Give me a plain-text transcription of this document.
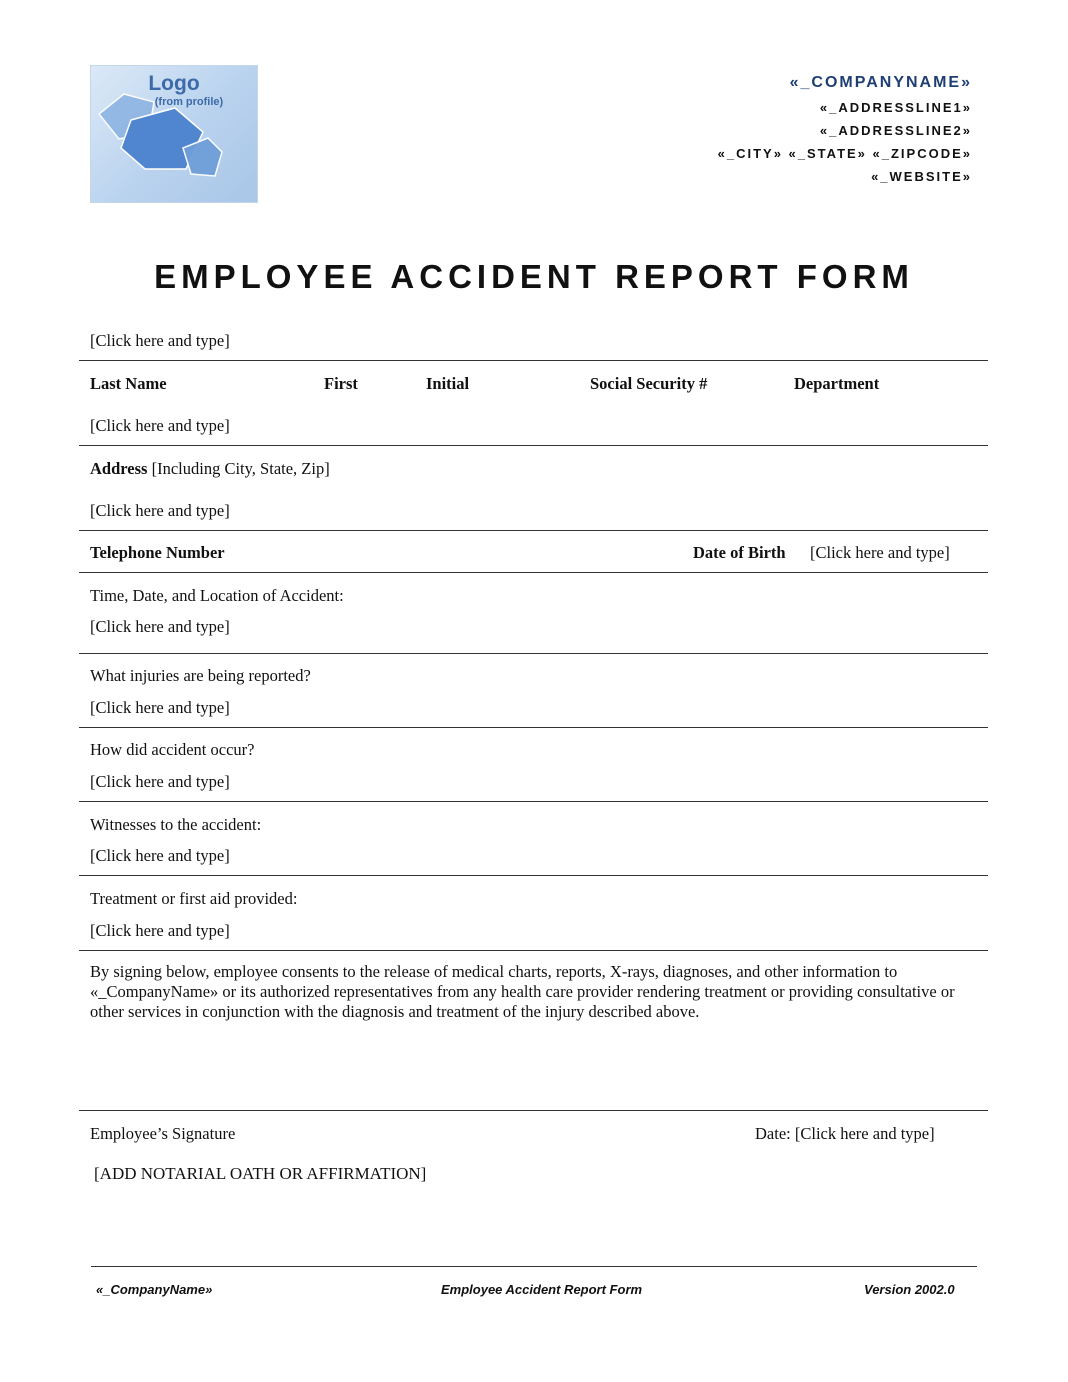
Logo
(from profile)
«_COMPANYNAME»
«_ADDRESSLINE1»
«_ADDRESSLINE2»
«_CITY» «_STATE» «_ZIPCODE»
«_WEBSITE»
EMPLOYEE ACCIDENT REPORT FORM
[Click here and type]
Last Name	First	Initial	Social Security #	Department
[Click here and type]
Address [Including City, State, Zip]
[Click here and type]
Telephone Number	Date of Birth [Click here and type]
Time, Date, and Location of Accident:
[Click here and type]
What injuries are being reported?
[Click here and type]
How did accident occur?
[Click here and type]
Witnesses to the accident:
[Click here and type]
Treatment or first aid provided:
[Click here and type]
By signing below, employee consents to the release of medical charts, reports, X-rays, diagnoses, and other information to «_CompanyName» or its authorized representatives from any health care provider rendering treatment or providing consultative or other services in conjunction with the diagnosis and treatment of the injury described above.
Employee’s Signature	Date: [Click here and type]
[ADD NOTARIAL OATH OR AFFIRMATION]
«_CompanyName»	Employee Accident Report Form	Version 2002.0
